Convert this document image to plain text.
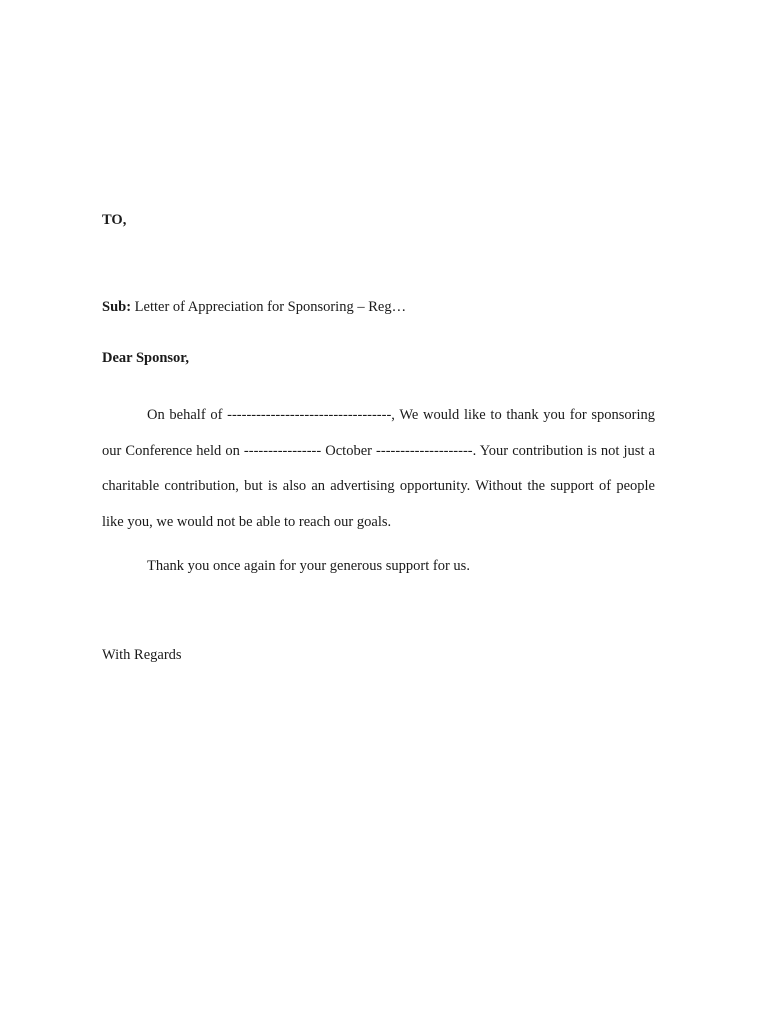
TO,
Sub: Letter of Appreciation for Sponsoring – Reg…
Dear Sponsor,

On behalf of ----------------------------------, We would like to thank you for sponsoring our Conference held on ---------------- October --------------------. Your contribution is not just a charitable contribution, but is also an advertising opportunity. Without the support of people like you, we would not be able to reach our goals.

Thank you once again for your generous support for us.

With Regards
